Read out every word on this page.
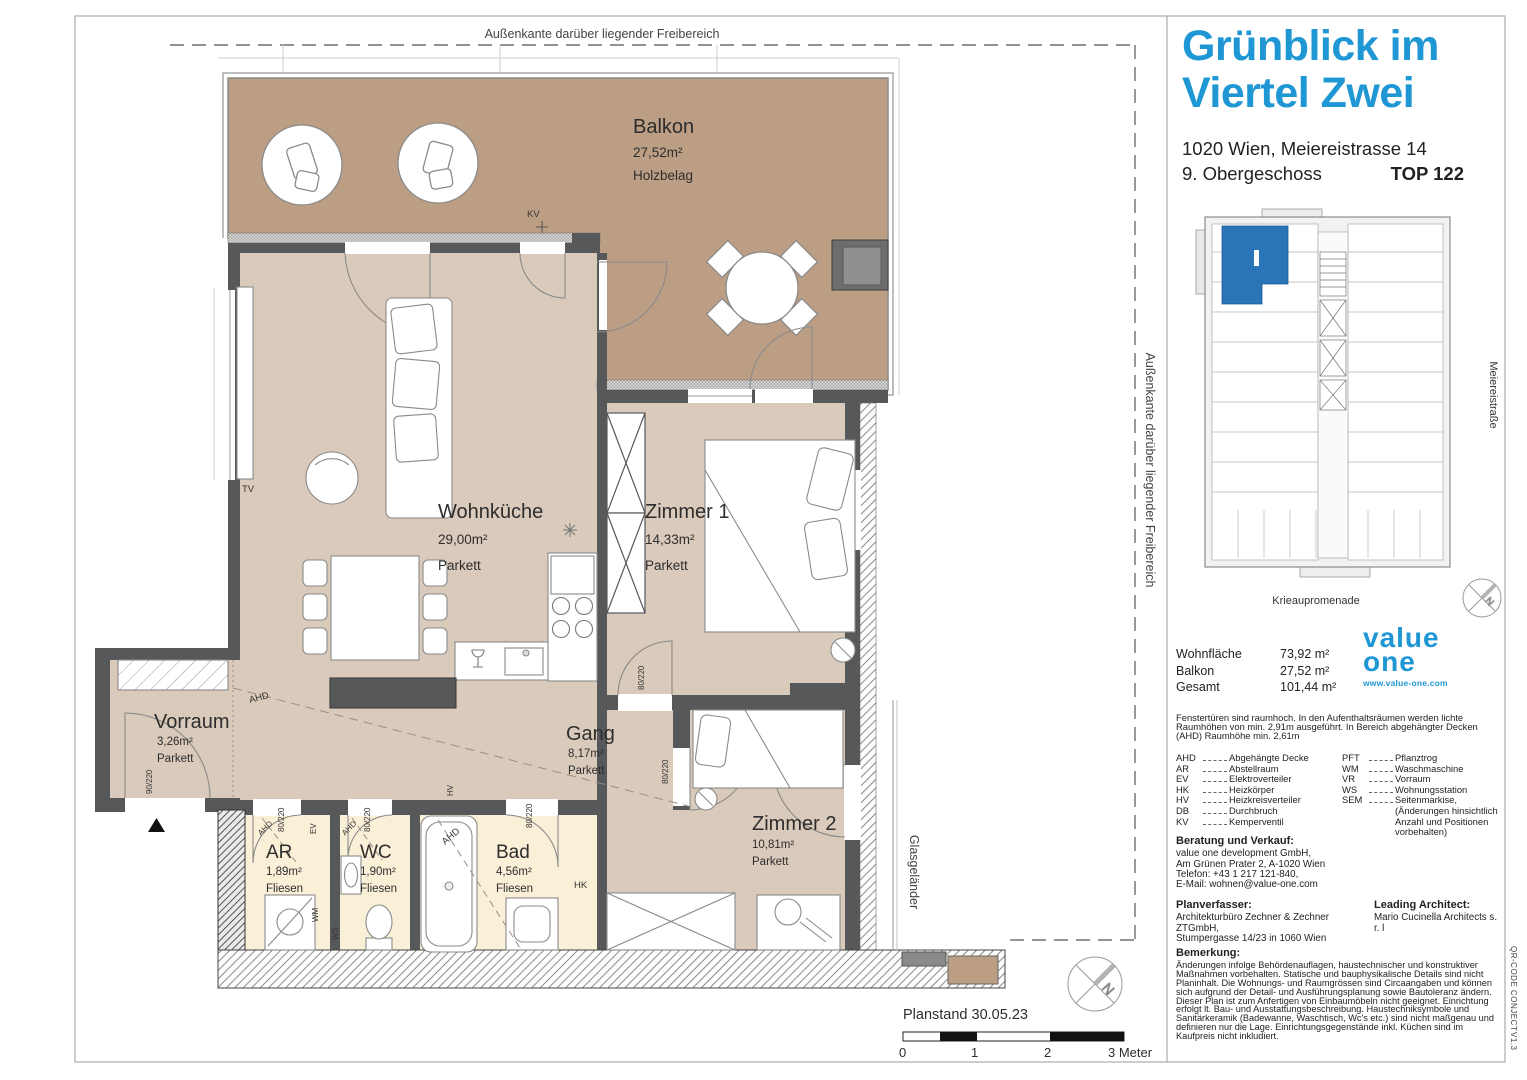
Außenkante darüber liegender Freibereich
Außenkante darüber liegender Freibereich
Balkon
27,52m²
Holzbelag
KV
Glasgeländer
TV
AHD
AHD	AHD	AHD
HV
EV
WM
WS
HK
80/220
80/220
80/220	80/220	80/220
90/220
Wohnküche
29,00m²
Parkett
Zimmer 1
14,33m²
Parkett
Zimmer 2
10,81m²
Parkett
Vorraum
3,26m²
Parkett
Gang
8,17m²
Parkett
AR
1,89m²
Fliesen
WC
1,90m²
Fliesen
Bad
4,56m²
Fliesen
Planstand 30.05.23
0	1	2	3 Meter
N
Krieaupromenade
Meiereistraße
N
Grünblick im
Viertel Zwei
1020 Wien, Meiereistrasse 14
9. Obergeschoss	TOP 122
Wohnfläche	73,92 m²
Balkon	27,52 m²
Gesamt	101,44 m²
value
one
www.value-one.com
Fenstertüren sind raumhoch. In den Aufenthaltsräumen werden lichte Raumhöhen von min. 2,91m ausgeführt. In Bereich abgehängter Decken (AHD) Raumhöhe min. 2,61m
AHD	Abgehängte Decke
AR	Abstellraum
EV	Elektroverteiler
HK	Heizkörper
HV	Heizkreisverteiler
DB	Durchbruch
KV	Kemperventil
PFT	Pflanztrog
WM	Waschmaschine
VR	Vorraum
WS	Wohnungsstation
SEM	Seitenmarkise, (Änderungen hinsichtlich Anzahl und Positionen vorbehalten)
Beratung und Verkauf:
value one development GmbH,
Am Grünen Prater 2, A-1020 Wien
Telefon: +43 1 217 121-840,
E-Mail: wohnen@value-one.com
Planverfasser:
Architekturbüro Zechner & Zechner ZTGmbH,
Stumpergasse 14/23 in 1060 Wien
Leading Architect:
Mario Cucinella Architects s. r. l
Bemerkung:
Änderungen infolge Behördenauflagen, haustechnischer und konstruktiver Maßnahmen vorbehalten. Statische und bauphysikalische Details sind nicht Planinhalt. Die Wohnungs- und Raumgrössen sind Circaangaben und können sich aufgrund der Detail- und Ausführungsplanung sowie Bautoleranz ändern. Dieser Plan ist zum Anfertigen von Einbaumöbeln nicht geeignet. Einrichtung erfolgt lt. Bau- und Ausstattungsbeschreibung. Haustechniksymbole und Sanitärkeramik (Badewanne, Waschtisch, Wc's etc.) sind nicht maßgenau und definieren nur die Lage. Einrichtungsgegenstände inkl. Küchen sind im Kaufpreis nicht inkludiert.
QR-CODE CONJECT
V1.3
